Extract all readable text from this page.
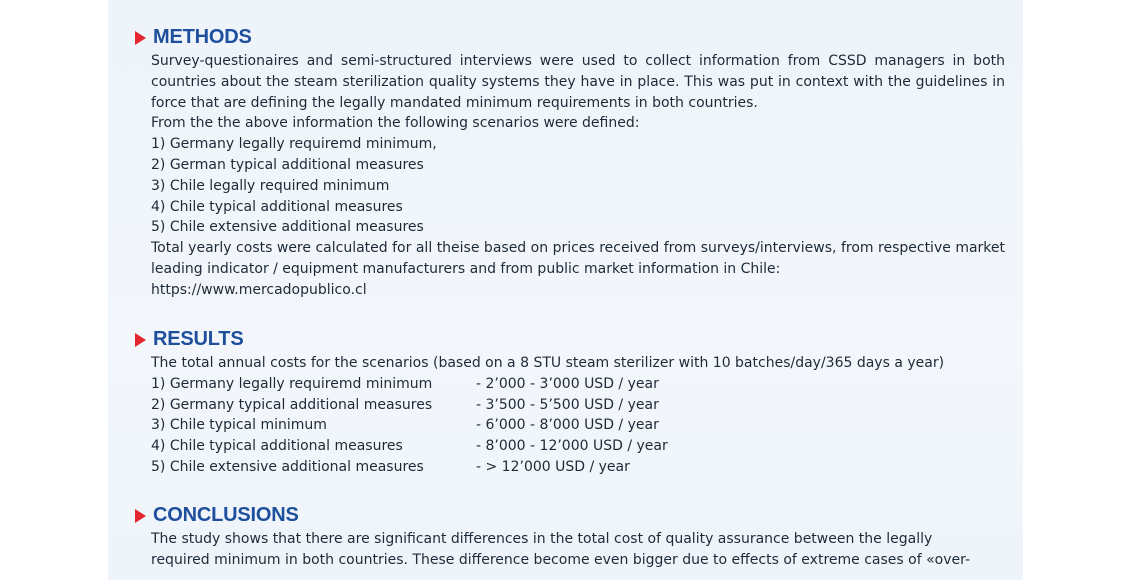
METHODS
Survey-questionaires and semi-structured interviews were used to collect information from CSSD managers in both countries about the steam sterilization quality systems they have in place. This was put in context with the guidelines in force that are defining the legally mandated minimum requirements in both countries.
From the the above information the following scenarios were defined:
1) Germany legally requiremd minimum,
2) German typical additional measures
3) Chile legally required minimum
4) Chile typical additional measures
5) Chile extensive additional measures
Total yearly costs were calculated for all theise based on prices received from surveys/interviews, from respective market leading indicator / equipment manufacturers and from public market information in Chile:
https://www.mercadopublico.cl
RESULTS
The total annual costs for the scenarios (based on a 8 STU steam sterilizer with 10 batches/day/365 days a year)
1) Germany legally requiremd minimum	- 2’000 - 3’000 USD / year
2) Germany typical additional measures	- 3’500 - 5’500 USD / year
3) Chile typical minimum	- 6’000 - 8’000 USD / year
4) Chile typical additional measures	- 8’000 - 12’000 USD / year
5) Chile extensive additional measures	- > 12’000 USD / year
CONCLUSIONS
The study shows that there are significant differences in the total cost of quality assurance between the legally
required minimum in both countries. These difference become even bigger due to effects of extreme cases of «over-
